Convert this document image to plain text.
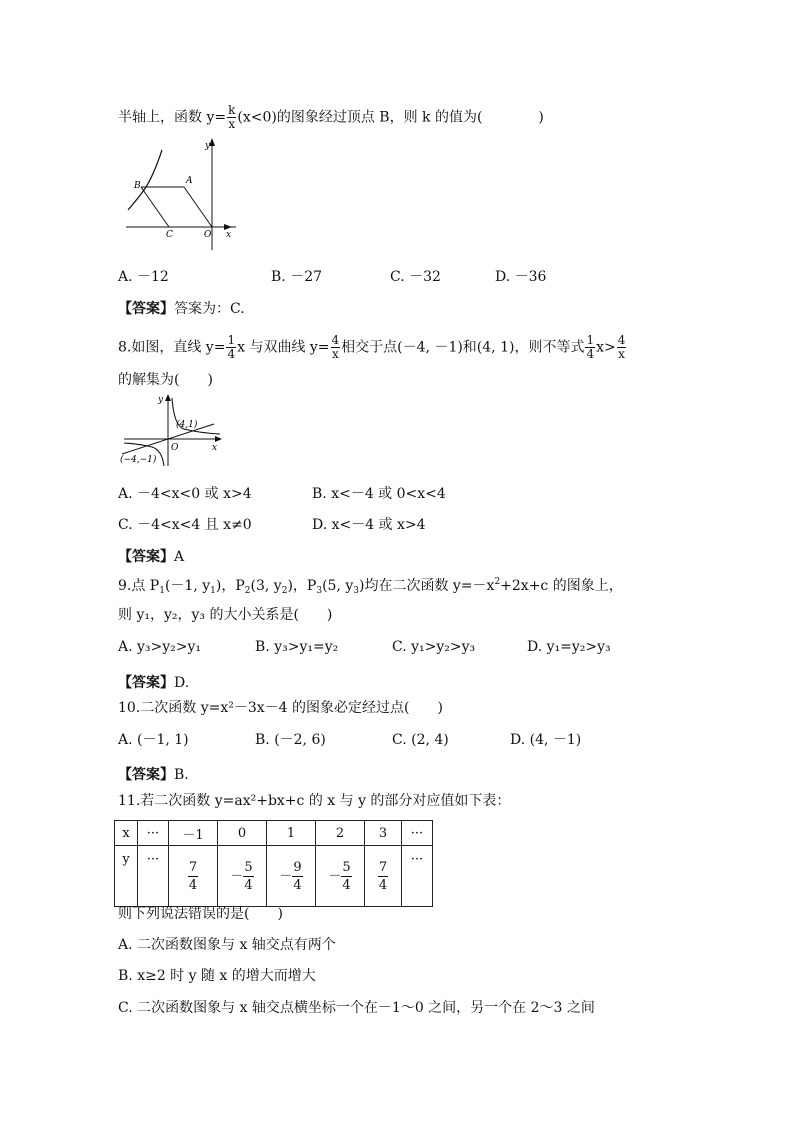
半轴上，函数 $y= \frac{k}{x} (x<0)$的图象经过顶点 B，则 k 的值为(　　　　)
B	A
C	O x
y
A. －12	B. －27	C. －32	D. －36
【答案】答案为：C.
8.如图，直线 $y= \frac{1}{4}$ x 与双曲线 $y= \frac{4}{x}$ 相交于点(－4, －1)和(4, 1)，则不等式 $\frac{1}{4} x> \frac{4}{x}$
的解集为(　　)
(4,1)
(−4,−1)
O	x
y
A. －4<x<0 或 x>4	B. x<－4 或 0<x<4
C. －4<x<4 且 x≠0	D. x<－4 或 x>4
【答案】A
9.点 $P_1(-1$, $y_1$)，$P_2(3$, $y_2$)，$P_3(5$, $y_3$)均在二次函数 $y=-x^2+2x+c$ 的图象上，
则 y₁，y₂，y₃ 的大小关系是(　　)
A. y₃>y₂>y₁	B. y₃>y₁=y₂	C. y₁>y₂>y₃	D. y₁=y₂>y₃
【答案】D.
10.二次函数 y=x²－3x－4 的图象必定经过点(　　)
A. (－1, 1)	B. (－2, 6)	C. (2, 4)	D. (4, －1)
【答案】B.
11.若二次函数 y=ax²+bx+c 的 x 与 y 的部分对应值如下表：
x	···	－1	0	1	2	3	···
y	···	$\frac{7}{4}$	－ $\frac{5}{4}$	－ $\frac{9}{4}$	－ $\frac{5}{4}$	$\frac{7}{4}$	···
则下列说法错误的是(　　)
A. 二次函数图象与 x 轴交点有两个
B. x≥2 时 y 随 x 的增大而增大
C. 二次函数图象与 x 轴交点横坐标一个在－1～0 之间，另一个在 2～3 之间
